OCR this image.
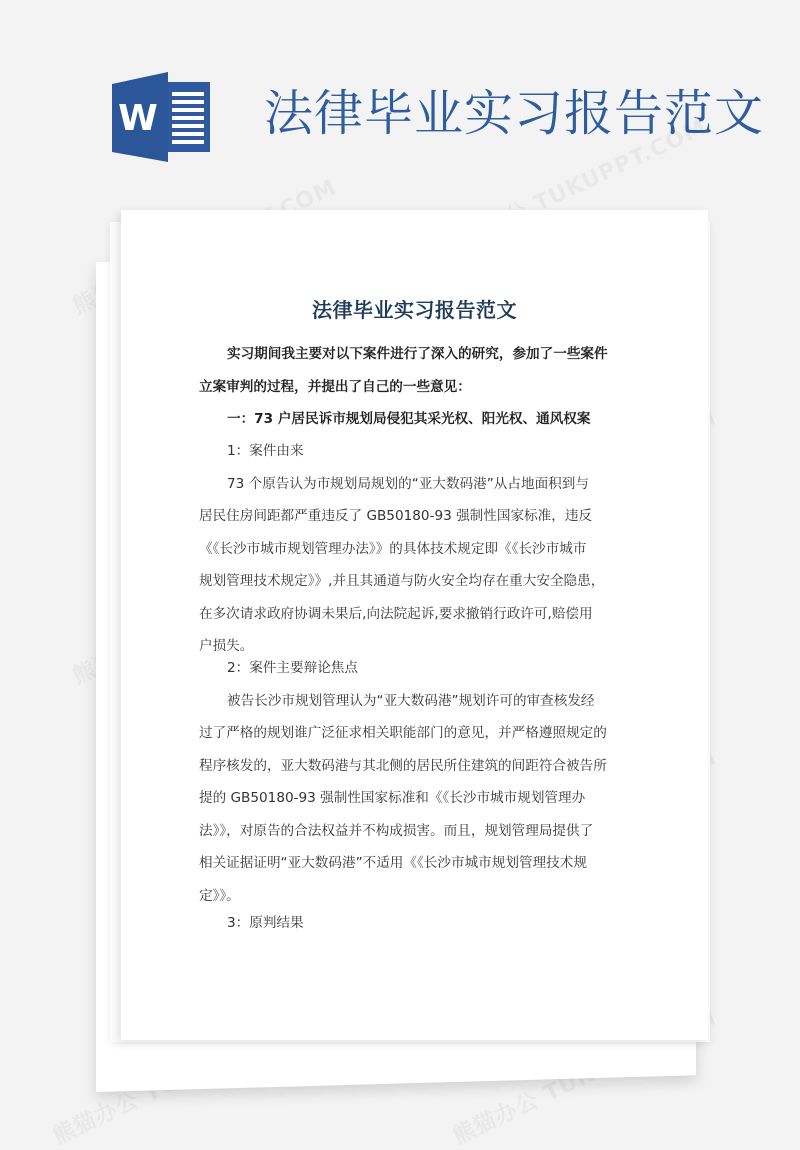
W 法律毕业实习报告范文
法律毕业实习报告范文
实习期间我主要对以下案件进行了深入的研究，参加了一些案件
立案审判的过程，并提出了自己的一些意见：
一：73 户居民诉市规划局侵犯其采光权、阳光权、通风权案
1：案件由来
73 个原告认为市规划局规划的“亚大数码港”从占地面积到与
居民住房间距都严重违反了 GB50180-93 强制性国家标准，违反
《《长沙市城市规划管理办法》》的具体技术规定即《《长沙市城市
规划管理技术规定》》,并且其通道与防火安全均存在重大安全隐患，
在多次请求政府协调未果后,向法院起诉,要求撤销行政许可,赔偿用
户损失。
2：案件主要辩论焦点
被告长沙市规划管理认为“亚大数码港”规划许可的审查核发经
过了严格的规划谁广泛征求相关职能部门的意见，并严格遵照规定的
程序核发的，亚大数码港与其北侧的居民所住建筑的间距符合被告所
提的 GB50180-93 强制性国家标准和《《长沙市城市规划管理办
法》》，对原告的合法权益并不构成损害。而且，规划管理局提供了
相关证据证明“亚大数码港”不适用《《长沙市城市规划管理技术规
定》》。
3：原判结果
